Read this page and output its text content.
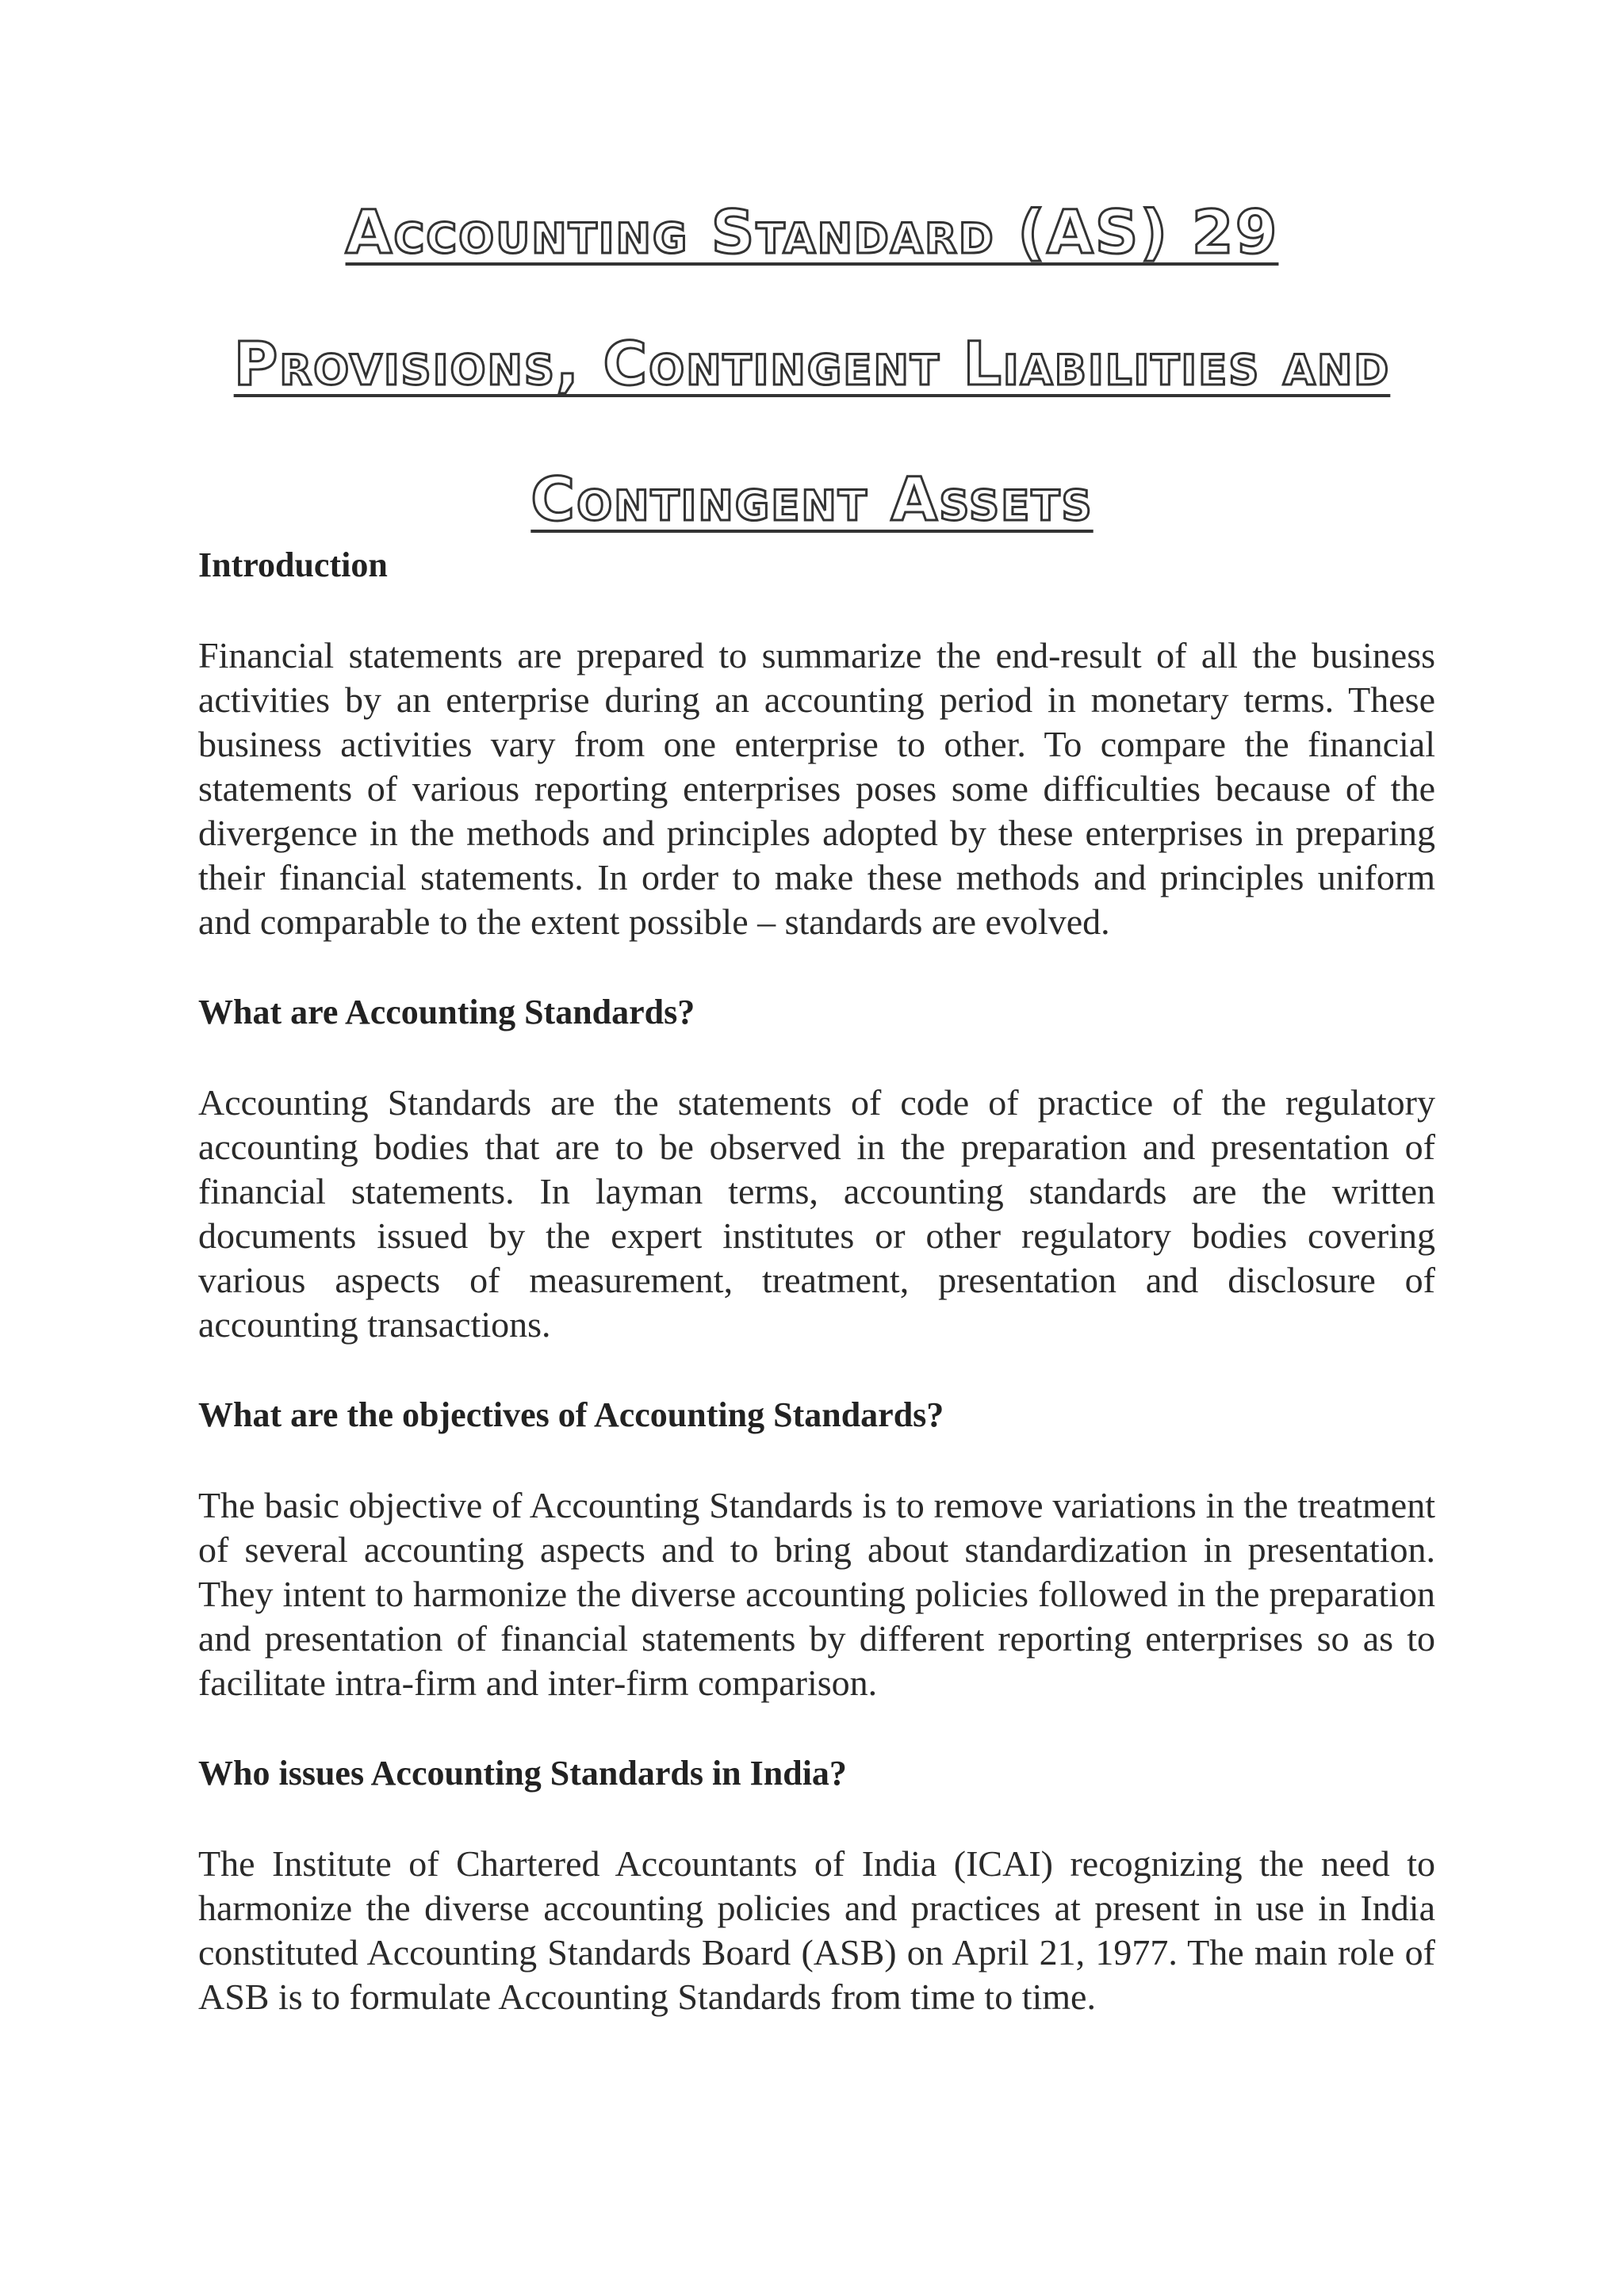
Accounting Standard (AS) 29
Provisions, Contingent Liabilities and
Contingent Assets

Introduction

Financial statements are prepared to summarize the end-result of all the business activities by an enterprise during an accounting period in monetary terms. These business activities vary from one enterprise to other. To compare the financial statements of various reporting enterprises poses some difficulties because of the divergence in the methods and principles adopted by these enterprises in preparing their financial statements. In order to make these methods and principles uniform and comparable to the extent possible – standards are evolved.

What are Accounting Standards?

Accounting Standards are the statements of code of practice of the regulatory accounting bodies that are to be observed in the preparation and presentation of financial statements. In layman terms, accounting standards are the written documents issued by the expert institutes or other regulatory bodies covering various aspects of measurement, treatment, presentation and disclosure of accounting transactions.

What are the objectives of Accounting Standards?

The basic objective of Accounting Standards is to remove variations in the treatment of several accounting aspects and to bring about standardization in presentation. They intent to harmonize the diverse accounting policies followed in the preparation and presentation of financial statements by different reporting enterprises so as to facilitate intra-firm and inter-firm comparison.

Who issues Accounting Standards in India?

The Institute of Chartered Accountants of India (ICAI) recognizing the need to harmonize the diverse accounting policies and practices at present in use in India constituted Accounting Standards Board (ASB) on April 21, 1977. The main role of ASB is to formulate Accounting Standards from time to time.
